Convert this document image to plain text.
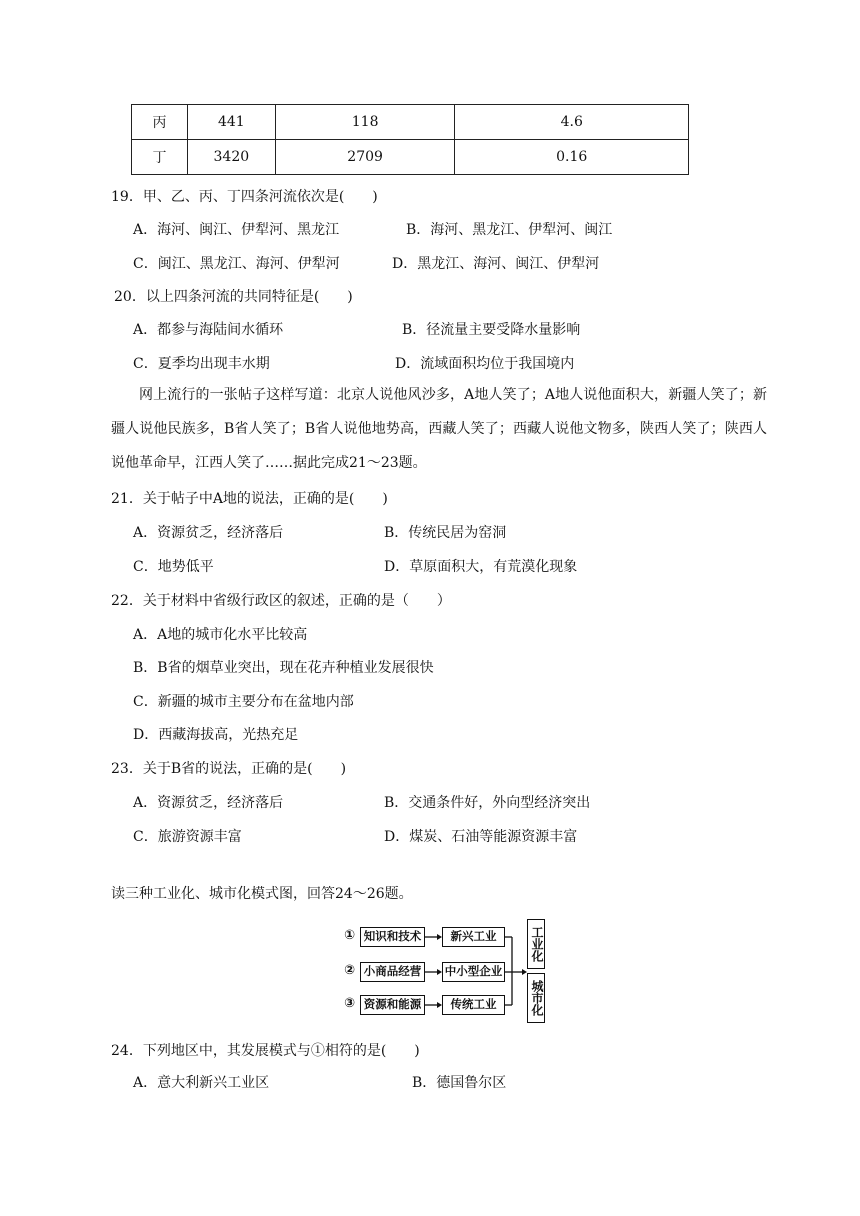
丙	441	118	4.6
丁	3420	2709	0.16
19．甲、乙、丙、丁四条河流依次是(　　)
A．海河、闽江、伊犁河、黑龙江	B．海河、黑龙江、伊犁河、闽江
C．闽江、黑龙江、海河、伊犁河	D．黑龙江、海河、闽江、伊犁河
20．以上四条河流的共同特征是(　　)
A．都参与海陆间水循环	B．径流量主要受降水量影响
C．夏季均出现丰水期	D．流域面积均位于我国境内
网上流行的一张帖子这样写道：北京人说他风沙多，A地人笑了；A地人说他面积大，新疆人笑了；新疆人说他民族多，B省人笑了；B省人说他地势高，西藏人笑了；西藏人说他文物多，陕西人笑了；陕西人说他革命早，江西人笑了……据此完成21～23题。
21．关于帖子中A地的说法，正确的是(　　)
A．资源贫乏，经济落后	B．传统民居为窑洞
C．地势低平	D．草原面积大，有荒漠化现象
22．关于材料中省级行政区的叙述，正确的是（　　）
A．A地的城市化水平比较高
B．B省的烟草业突出，现在花卉种植业发展很快
C．新疆的城市主要分布在盆地内部
D．西藏海拔高，光热充足
23．关于B省的说法，正确的是(　　)
A．资源贫乏，经济落后	B．交通条件好，外向型经济突出
C．旅游资源丰富	D．煤炭、石油等能源资源丰富
读三种工业化、城市化模式图，回答24～26题。
①
②
③
知识和技术
小商品经营
资源和能源
新兴工业
中小型企业
传统工业
工业化
城市化
24．下列地区中，其发展模式与①相符的是(　　)
A．意大利新兴工业区	B．德国鲁尔区
